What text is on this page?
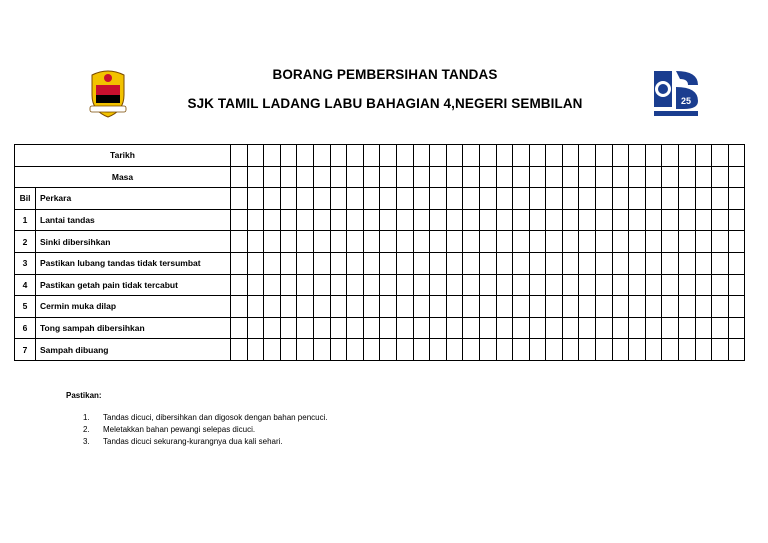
25
BORANG PEMBERSIHAN TANDAS
SJK TAMIL LADANG LABU BAHAGIAN 4,NEGERI SEMBILAN
Tarikh																																
Masa																																
Bil	Perkara																															
1	Lantai tandas																															
2	Sinki dibersihkan																															
3	Pastikan lubang tandas tidak tersumbat																															
4	Pastikan getah pain tidak tercabut																															
5	Cermin muka dilap																															
6	Tong sampah dibersihkan																															
7	Sampah dibuang																															
Pastikan:
1.	Tandas dicuci, dibersihkan dan digosok dengan bahan pencuci.
2.	Meletakkan bahan pewangi selepas dicuci.
3.	Tandas dicuci sekurang-kurangnya dua kali sehari.
